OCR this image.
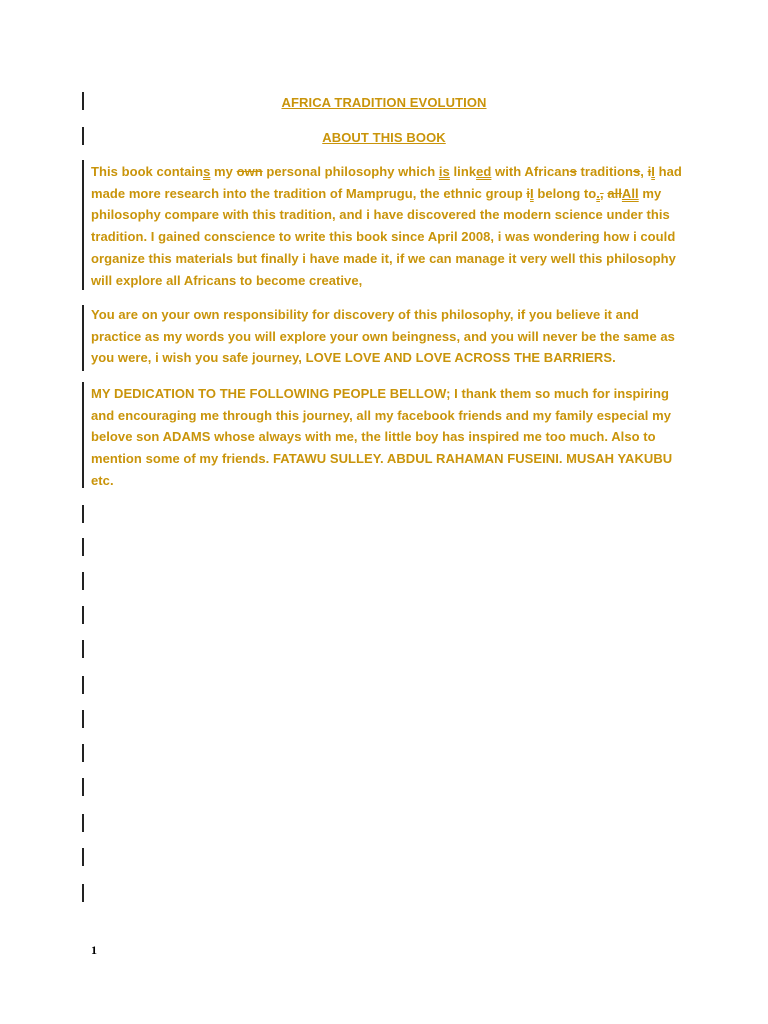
AFRICA TRADITION EVOLUTION
ABOUT THIS BOOK
This book contains my own personal philosophy which is linked with Africans traditions, iI had made more research into the tradition of Mamprugu, the ethnic group iI belong to., allAll my philosophy compare with this tradition, and i have discovered the modern science under this tradition. I gained conscience to write this book since April 2008, i was wondering how i could organize this materials but finally i have made it, if we can manage it very well this philosophy will explore all Africans to become creative,
You are on your own responsibility for discovery of this philosophy, if you believe it and practice as my words you will explore your own beingness, and you will never be the same as you were, i wish you safe journey, LOVE LOVE AND LOVE ACROSS THE BARRIERS.
MY DEDICATION TO THE FOLLOWING PEOPLE BELLOW; I thank them so much for inspiring and encouraging me through this journey, all my facebook friends and my family especial my belove son ADAMS whose always with me, the little boy has inspired me too much. Also to mention some of my friends. FATAWU SULLEY. ABDUL RAHAMAN FUSEINI. MUSAH YAKUBU etc.
1
